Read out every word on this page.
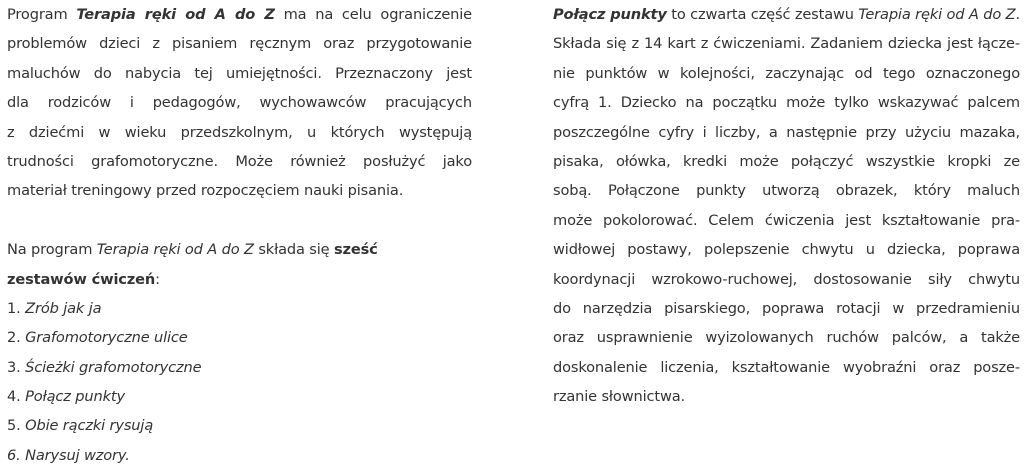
Program Terapia ręki od A do Z ma na celu ograniczenie
problemów dzieci z pisaniem ręcznym oraz przygotowanie
maluchów do nabycia tej umiejętności. Przeznaczony jest
dla rodziców i pedagogów, wychowawców pracujących
z dziećmi w wieku przedszkolnym, u których występują
trudności grafomotoryczne. Może również posłużyć jako
materiał treningowy przed rozpoczęciem nauki pisania.
Na program Terapia ręki od A do Z składa się sześć
zestawów ćwiczeń:
1. Zrób jak ja
2. Grafomotoryczne ulice
3. Ścieżki grafomotoryczne
4. Połącz punkty
5. Obie rączki rysują
6. Narysuj wzory.
Połącz punkty to czwarta część zestawu Terapia ręki od A do Z.
Składa się z 14 kart z ćwiczeniami. Zadaniem dziecka jest łącze-
nie punktów w kolejności, zaczynając od tego oznaczonego
cyfrą 1. Dziecko na początku może tylko wskazywać palcem
poszczególne cyfry i liczby, a następnie przy użyciu mazaka,
pisaka, ołówka, kredki może połączyć wszystkie kropki ze
sobą. Połączone punkty utworzą obrazek, który maluch
może pokolorować. Celem ćwiczenia jest kształtowanie pra-
widłowej postawy, polepszenie chwytu u dziecka, poprawa
koordynacji wzrokowo-ruchowej, dostosowanie siły chwytu
do narzędzia pisarskiego, poprawa rotacji w przedramieniu
oraz usprawnienie wyizolowanych ruchów palców, a także
doskonalenie liczenia, kształtowanie wyobraźni oraz posze-
rzanie słownictwa.
